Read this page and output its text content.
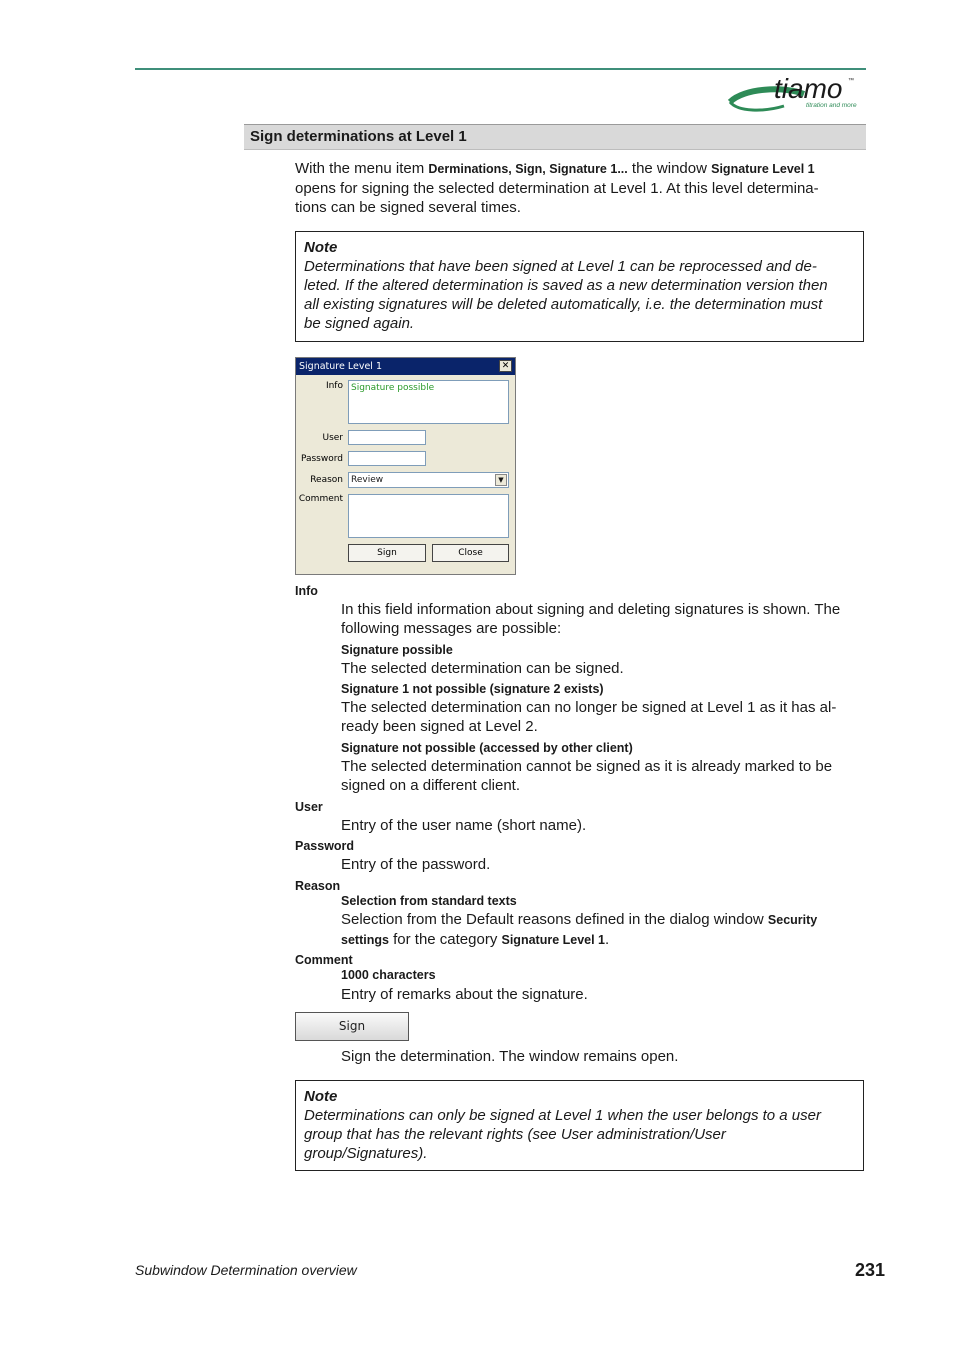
tiamo ™
titration and more
Sign determinations at Level 1
With the menu item Derminations, Sign, Signature 1... the window Signature Level 1
opens for signing the selected determination at Level 1. At this level determina-
tions can be signed several times.
Note
Determinations that have been signed at Level 1 can be reprocessed and de-
leted. If the altered determination is saved as a new determination version then
all existing signatures will be deleted automatically, i.e. the determination must
be signed again.
Signature Level 1	✕
Info Signature possible
User
Password
Reason Review	▼
Comment
Sign	Close
Info
In this field information about signing and deleting signatures is shown. The
following messages are possible:
Signature possible
The selected determination can be signed.
Signature 1 not possible (signature 2 exists)
The selected determination can no longer be signed at Level 1 as it has al-
ready been signed at Level 2.
Signature not possible (accessed by other client)
The selected determination cannot be signed as it is already marked to be
signed on a different client.
User
Entry of the user name (short name).
Password
Entry of the password.
Reason
Selection from standard texts
Selection from the Default reasons defined in the dialog window Security
settings for the category Signature Level 1.
Comment
1000 characters
Entry of remarks about the signature.
Sign
Sign the determination. The window remains open.
Note
Determinations can only be signed at Level 1 when the user belongs to a user
group that has the relevant rights (see User administration/User
group/Signatures).
Subwindow Determination overview	231
